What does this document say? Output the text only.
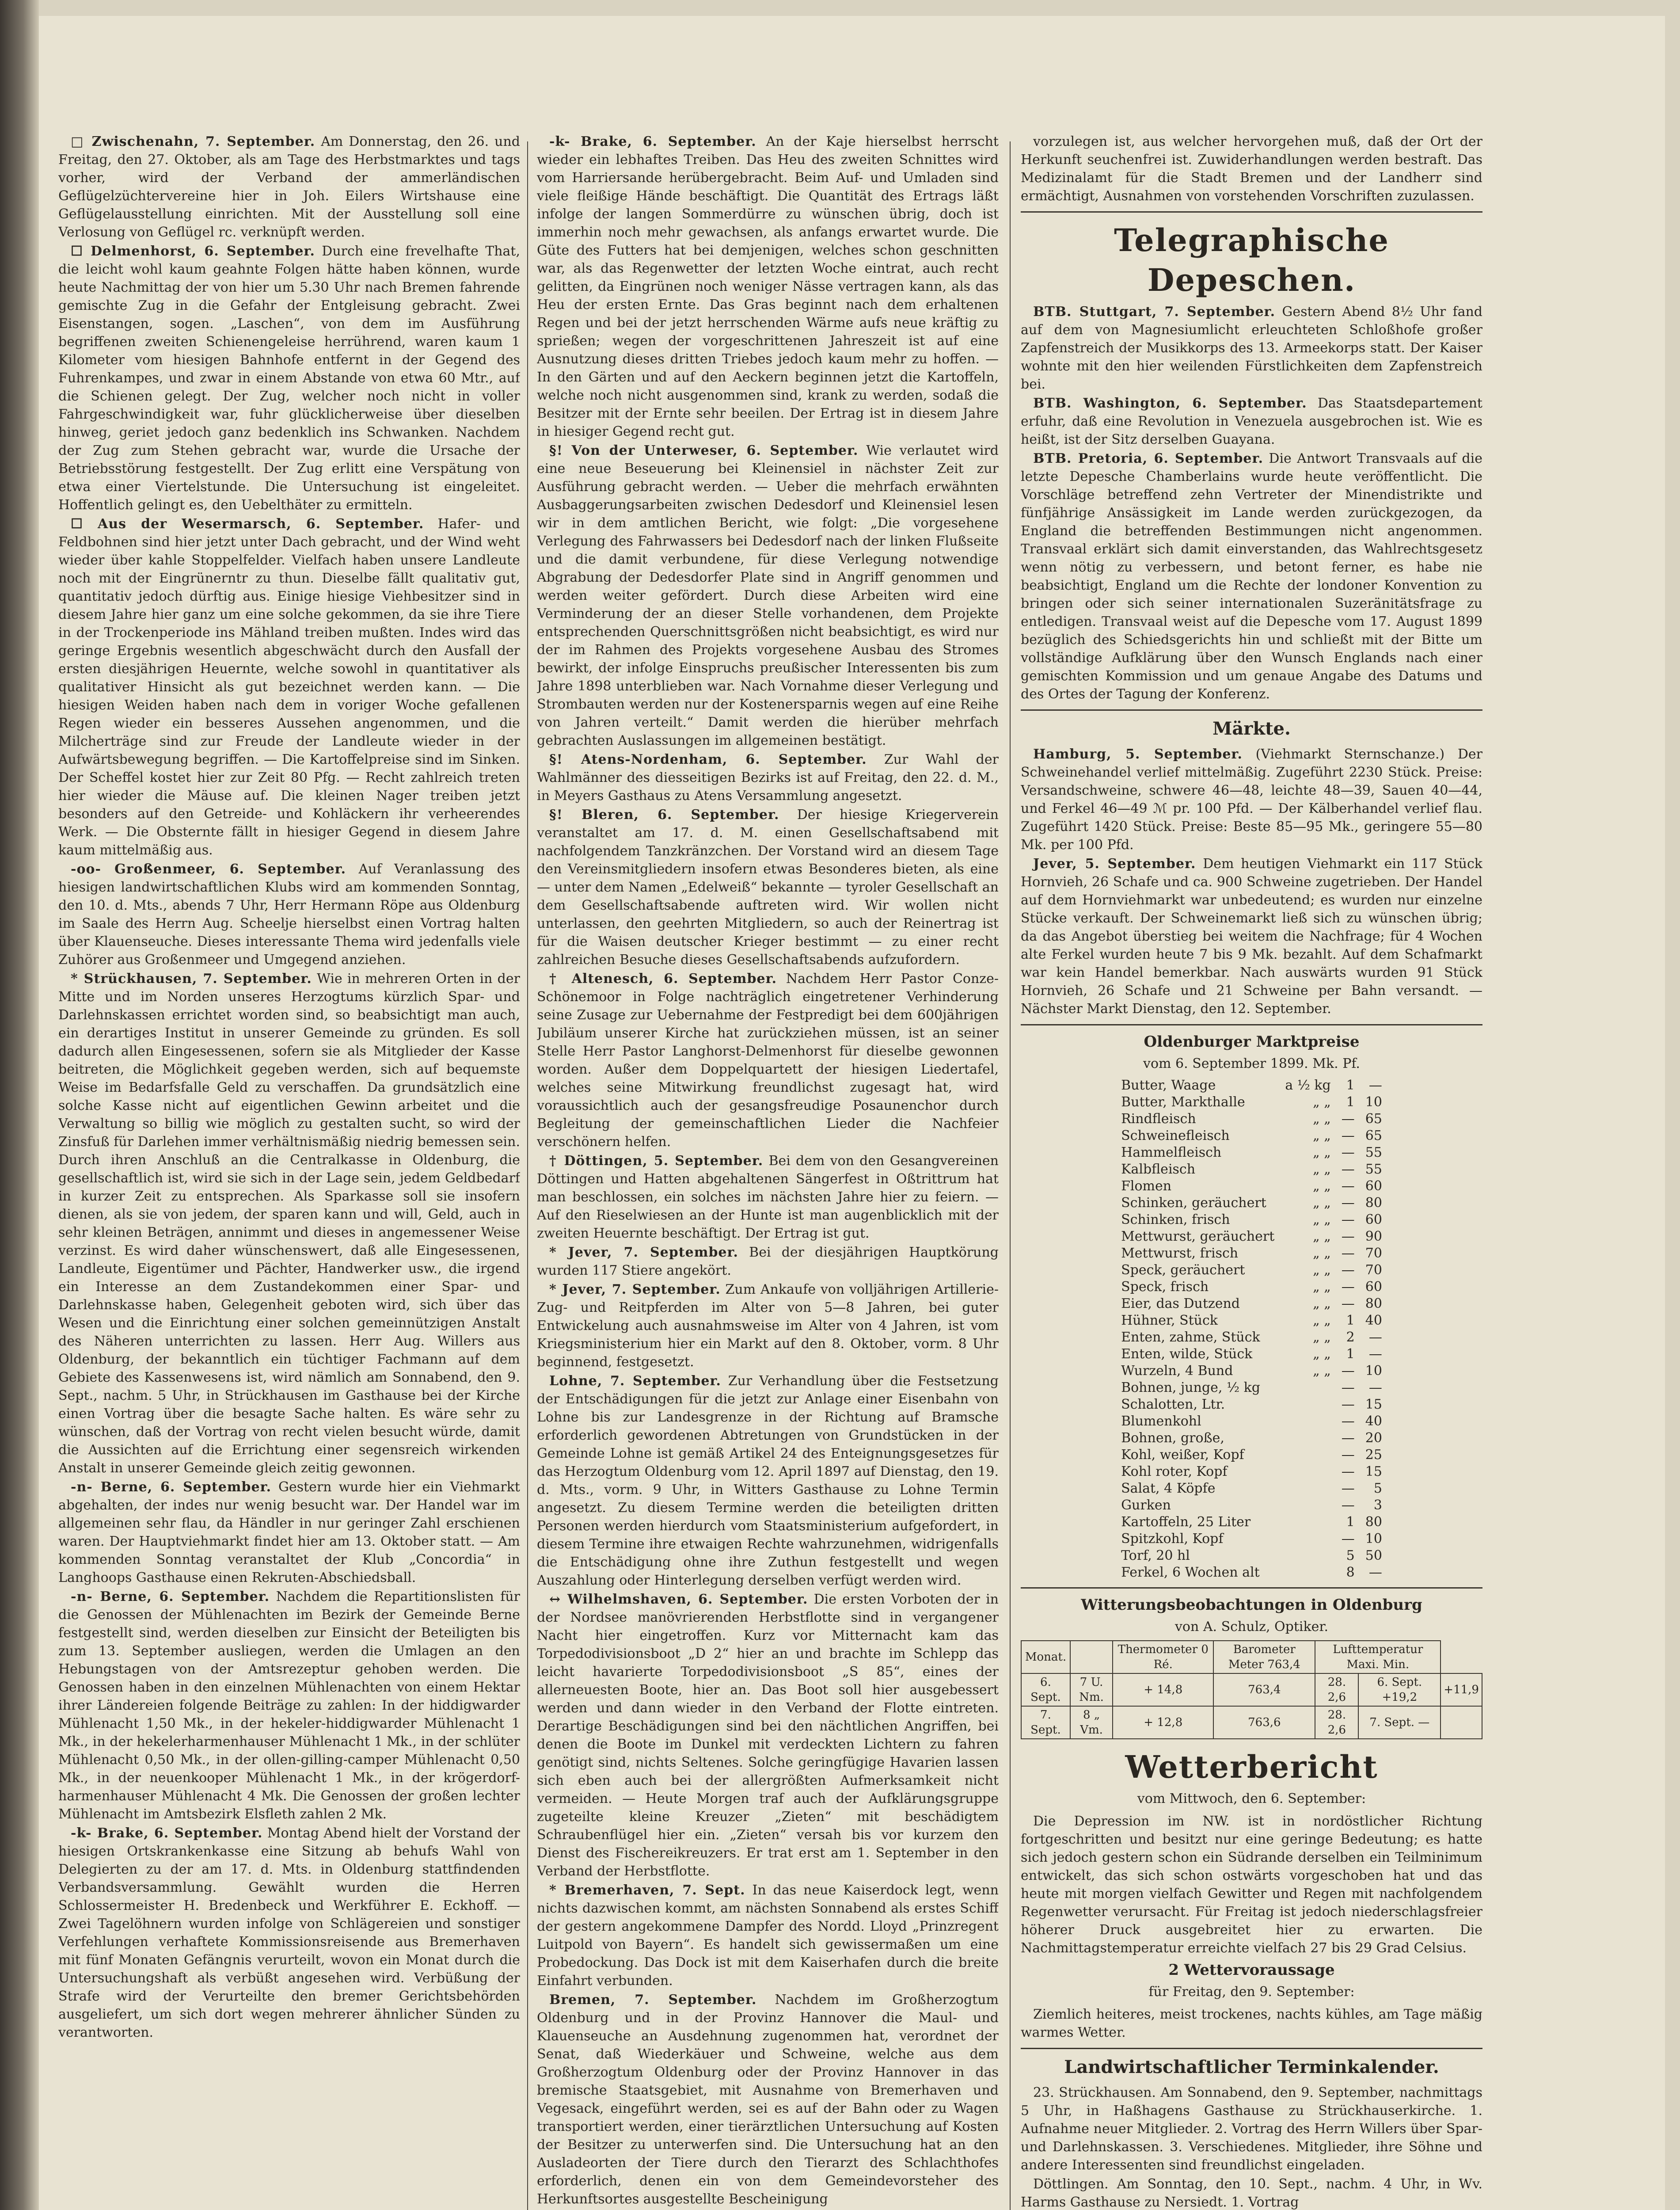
□ Zwischenahn, 7. September. Am Donnerstag, den 26. und Freitag, den 27. Oktober, als am Tage des Herbstmarktes und tags vorher, wird der Verband der ammerländischen Geflügelzüchtervereine hier in Joh. Eilers Wirtshause eine Geflügelausstellung einrichten. Mit der Ausstellung soll eine Verlosung von Geflügel rc. verknüpft werden.

☐ Delmenhorst, 6. September. Durch eine frevelhafte That, die leicht wohl kaum geahnte Folgen hätte haben können, wurde heute Nachmittag der von hier um 5.30 Uhr nach Bremen fahrende gemischte Zug in die Gefahr der Entgleisung gebracht. Zwei Eisenstangen, sogen. „Laschen“, von dem im Ausführung begriffenen zweiten Schienengeleise herrührend, waren kaum 1 Kilometer vom hiesigen Bahnhofe entfernt in der Gegend des Fuhrenkampes, und zwar in einem Abstande von etwa 60 Mtr., auf die Schienen gelegt. Der Zug, welcher noch nicht in voller Fahrgeschwindigkeit war, fuhr glücklicherweise über dieselben hinweg, geriet jedoch ganz bedenklich ins Schwanken. Nachdem der Zug zum Stehen gebracht war, wurde die Ursache der Betriebsstörung festgestellt. Der Zug erlitt eine Verspätung von etwa einer Viertelstunde. Die Untersuchung ist eingeleitet. Hoffentlich gelingt es, den Uebelthäter zu ermitteln.

☐ Aus der Wesermarsch, 6. September. Hafer- und Feldbohnen sind hier jetzt unter Dach gebracht, und der Wind weht wieder über kahle Stoppelfelder. Vielfach haben unsere Landleute noch mit der Eingrünerntr zu thun. Dieselbe fällt qualitativ gut, quantitativ jedoch dürftig aus. Einige hiesige Viehbesitzer sind in diesem Jahre hier ganz um eine solche gekommen, da sie ihre Tiere in der Trockenperiode ins Mähland treiben mußten. Indes wird das geringe Ergebnis wesentlich abgeschwächt durch den Ausfall der ersten diesjährigen Heuernte, welche sowohl in quantitativer als qualitativer Hinsicht als gut bezeichnet werden kann. — Die hiesigen Weiden haben nach dem in voriger Woche gefallenen Regen wieder ein besseres Aussehen angenommen, und die Milcherträge sind zur Freude der Landleute wieder in der Aufwärtsbewegung begriffen. — Die Kartoffelpreise sind im Sinken. Der Scheffel kostet hier zur Zeit 80 Pfg. — Recht zahlreich treten hier wieder die Mäuse auf. Die kleinen Nager treiben jetzt besonders auf den Getreide- und Kohläckern ihr verheerendes Werk. — Die Obsternte fällt in hiesiger Gegend in diesem Jahre kaum mittelmäßig aus.

-oo- Großenmeer, 6. September. Auf Veranlassung des hiesigen landwirtschaftlichen Klubs wird am kommenden Sonntag, den 10. d. Mts., abends 7 Uhr, Herr Hermann Röpe aus Oldenburg im Saale des Herrn Aug. Scheelje hierselbst einen Vortrag halten über Klauenseuche. Dieses interessante Thema wird jedenfalls viele Zuhörer aus Großenmeer und Umgegend anziehen.

* Strückhausen, 7. September. Wie in mehreren Orten in der Mitte und im Norden unseres Herzogtums kürzlich Spar- und Darlehnskassen errichtet worden sind, so beabsichtigt man auch, ein derartiges Institut in unserer Gemeinde zu gründen. Es soll dadurch allen Eingesessenen, sofern sie als Mitglieder der Kasse beitreten, die Möglichkeit gegeben werden, sich auf bequemste Weise im Bedarfsfalle Geld zu verschaffen. Da grundsätzlich eine solche Kasse nicht auf eigentlichen Gewinn arbeitet und die Verwaltung so billig wie möglich zu gestalten sucht, so wird der Zinsfuß für Darlehen immer verhältnismäßig niedrig bemessen sein. Durch ihren Anschluß an die Centralkasse in Oldenburg, die gesellschaftlich ist, wird sie sich in der Lage sein, jedem Geldbedarf in kurzer Zeit zu entsprechen. Als Sparkasse soll sie insofern dienen, als sie von jedem, der sparen kann und will, Geld, auch in sehr kleinen Beträgen, annimmt und dieses in angemessener Weise verzinst. Es wird daher wünschenswert, daß alle Eingesessenen, Landleute, Eigentümer und Pächter, Handwerker usw., die irgend ein Interesse an dem Zustandekommen einer Spar- und Darlehnskasse haben, Gelegenheit geboten wird, sich über das Wesen und die Einrichtung einer solchen gemeinnützigen Anstalt des Näheren unterrichten zu lassen. Herr Aug. Willers aus Oldenburg, der bekanntlich ein tüchtiger Fachmann auf dem Gebiete des Kassenwesens ist, wird nämlich am Sonnabend, den 9. Sept., nachm. 5 Uhr, in Strückhausen im Gasthause bei der Kirche einen Vortrag über die besagte Sache halten. Es wäre sehr zu wünschen, daß der Vortrag von recht vielen besucht würde, damit die Aussichten auf die Errichtung einer segensreich wirkenden Anstalt in unserer Gemeinde gleich zeitig gewonnen.

-n- Berne, 6. September. Gestern wurde hier ein Viehmarkt abgehalten, der indes nur wenig besucht war. Der Handel war im allgemeinen sehr flau, da Händler in nur geringer Zahl erschienen waren. Der Hauptviehmarkt findet hier am 13. Oktober statt. — Am kommenden Sonntag veranstaltet der Klub „Concordia“ in Langhoops Gasthause einen Rekruten-Abschiedsball.

-n- Berne, 6. September. Nachdem die Repartitionslisten für die Genossen der Mühlenachten im Bezirk der Gemeinde Berne festgestellt sind, werden dieselben zur Einsicht der Beteiligten bis zum 13. September ausliegen, werden die Umlagen an den Hebungstagen von der Amtsrezeptur gehoben werden. Die Genossen haben in den einzelnen Mühlenachten von einem Hektar ihrer Ländereien folgende Beiträge zu zahlen: In der hiddigwarder Mühlenacht 1,50 Mk., in der hekeler-hiddigwarder Mühlenacht 1 Mk., in der hekelerharmenhauser Mühlenacht 1 Mk., in der schlüter Mühlenacht 0,50 Mk., in der ollen-gilling-camper Mühlenacht 0,50 Mk., in der neuenkooper Mühlenacht 1 Mk., in der krögerdorf-harmenhauser Mühlenacht 4 Mk. Die Genossen der großen lechter Mühlenacht im Amtsbezirk Elsfleth zahlen 2 Mk.

-k- Brake, 6. September. Montag Abend hielt der Vorstand der hiesigen Ortskrankenkasse eine Sitzung ab behufs Wahl von Delegierten zu der am 17. d. Mts. in Oldenburg stattfindenden Verbandsversammlung. Gewählt wurden die Herren Schlossermeister H. Bredenbeck und Werkführer E. Eckhoff. — Zwei Tagelöhnern wurden infolge von Schlägereien und sonstiger Verfehlungen verhaftete Kommissionsreisende aus Bremerhaven mit fünf Monaten Gefängnis verurteilt, wovon ein Monat durch die Untersuchungshaft als verbüßt angesehen wird. Verbüßung der Strafe wird der Verurteilte den bremer Gerichtsbehörden ausgeliefert, um sich dort wegen mehrerer ähnlicher Sünden zu verantworten.

-k- Brake, 6. September. An der Kaje hierselbst herrscht wieder ein lebhaftes Treiben. Das Heu des zweiten Schnittes wird vom Harriersande herübergebracht. Beim Auf- und Umladen sind viele fleißige Hände beschäftigt. Die Quantität des Ertrags läßt infolge der langen Sommerdürre zu wünschen übrig, doch ist immerhin noch mehr gewachsen, als anfangs erwartet wurde. Die Güte des Futters hat bei demjenigen, welches schon geschnitten war, als das Regenwetter der letzten Woche eintrat, auch recht gelitten, da Eingrünen noch weniger Nässe vertragen kann, als das Heu der ersten Ernte. Das Gras beginnt nach dem erhaltenen Regen und bei der jetzt herrschenden Wärme aufs neue kräftig zu sprießen; wegen der vorgeschrittenen Jahreszeit ist auf eine Ausnutzung dieses dritten Triebes jedoch kaum mehr zu hoffen. — In den Gärten und auf den Aeckern beginnen jetzt die Kartoffeln, welche noch nicht ausgenommen sind, krank zu werden, sodaß die Besitzer mit der Ernte sehr beeilen. Der Ertrag ist in diesem Jahre in hiesiger Gegend recht gut.

§! Von der Unterweser, 6. September. Wie verlautet wird eine neue Beseuerung bei Kleinensiel in nächster Zeit zur Ausführung gebracht werden. — Ueber die mehrfach erwähnten Ausbaggerungsarbeiten zwischen Dedesdorf und Kleinensiel lesen wir in dem amtlichen Bericht, wie folgt: „Die vorgesehene Verlegung des Fahrwassers bei Dedesdorf nach der linken Flußseite und die damit verbundene, für diese Verlegung notwendige Abgrabung der Dedesdorfer Plate sind in Angriff genommen und werden weiter gefördert. Durch diese Arbeiten wird eine Verminderung der an dieser Stelle vorhandenen, dem Projekte entsprechenden Querschnittsgrößen nicht beabsichtigt, es wird nur der im Rahmen des Projekts vorgesehene Ausbau des Stromes bewirkt, der infolge Einspruchs preußischer Interessenten bis zum Jahre 1898 unterblieben war. Nach Vornahme dieser Verlegung und Strombauten werden nur der Kostenersparnis wegen auf eine Reihe von Jahren verteilt.“ Damit werden die hierüber mehrfach gebrachten Auslassungen im allgemeinen bestätigt.

§! Atens-Nordenham, 6. September. Zur Wahl der Wahlmänner des diesseitigen Bezirks ist auf Freitag, den 22. d. M., in Meyers Gasthaus zu Atens Versammlung angesetzt.

§! Bleren, 6. September. Der hiesige Kriegerverein veranstaltet am 17. d. M. einen Gesellschaftsabend mit nachfolgendem Tanzkränzchen. Der Vorstand wird an diesem Tage den Vereinsmitgliedern insofern etwas Besonderes bieten, als eine — unter dem Namen „Edelweiß“ bekannte — tyroler Gesellschaft an dem Gesellschaftsabende auftreten wird. Wir wollen nicht unterlassen, den geehrten Mitgliedern, so auch der Reinertrag ist für die Waisen deutscher Krieger bestimmt — zu einer recht zahlreichen Besuche dieses Gesellschaftsabends aufzufordern.

† Altenesch, 6. September. Nachdem Herr Pastor Conze-Schönemoor in Folge nachträglich eingetretener Verhinderung seine Zusage zur Uebernahme der Festpredigt bei dem 600jährigen Jubiläum unserer Kirche hat zurückziehen müssen, ist an seiner Stelle Herr Pastor Langhorst-Delmenhorst für dieselbe gewonnen worden. Außer dem Doppelquartett der hiesigen Liedertafel, welches seine Mitwirkung freundlichst zugesagt hat, wird voraussichtlich auch der gesangsfreudige Posaunenchor durch Begleitung der gemeinschaftlichen Lieder die Nachfeier verschönern helfen.

† Döttingen, 5. September. Bei dem von den Gesangvereinen Döttingen und Hatten abgehaltenen Sängerfest in Oßtrittrum hat man beschlossen, ein solches im nächsten Jahre hier zu feiern. — Auf den Rieselwiesen an der Hunte ist man augenblicklich mit der zweiten Heuernte beschäftigt. Der Ertrag ist gut.

* Jever, 7. September. Bei der diesjährigen Hauptkörung wurden 117 Stiere angekört.

* Jever, 7. September. Zum Ankaufe von volljährigen Artillerie-Zug- und Reitpferden im Alter von 5—8 Jahren, bei guter Entwickelung auch ausnahmsweise im Alter von 4 Jahren, ist vom Kriegsministerium hier ein Markt auf den 8. Oktober, vorm. 8 Uhr beginnend, festgesetzt.

Lohne, 7. September. Zur Verhandlung über die Festsetzung der Entschädigungen für die jetzt zur Anlage einer Eisenbahn von Lohne bis zur Landesgrenze in der Richtung auf Bramsche erforderlich gewordenen Abtretungen von Grundstücken in der Gemeinde Lohne ist gemäß Artikel 24 des Enteignungsgesetzes für das Herzogtum Oldenburg vom 12. April 1897 auf Dienstag, den 19. d. Mts., vorm. 9 Uhr, in Witters Gasthause zu Lohne Termin angesetzt. Zu diesem Termine werden die beteiligten dritten Personen werden hierdurch vom Staatsministerium aufgefordert, in diesem Termine ihre etwaigen Rechte wahrzunehmen, widrigenfalls die Entschädigung ohne ihre Zuthun festgestellt und wegen Auszahlung oder Hinterlegung derselben verfügt werden wird.

↔ Wilhelmshaven, 6. September. Die ersten Vorboten der in der Nordsee manövrierenden Herbstflotte sind in vergangener Nacht hier eingetroffen. Kurz vor Mitternacht kam das Torpedodivisionsboot „D 2“ hier an und brachte im Schlepp das leicht havarierte Torpedodivisionsboot „S 85“, eines der allerneuesten Boote, hier an. Das Boot soll hier ausgebessert werden und dann wieder in den Verband der Flotte eintreten. Derartige Beschädigungen sind bei den nächtlichen Angriffen, bei denen die Boote im Dunkel mit verdeckten Lichtern zu fahren genötigt sind, nichts Seltenes. Solche geringfügige Havarien lassen sich eben auch bei der allergrößten Aufmerksamkeit nicht vermeiden. — Heute Morgen traf auch der Aufklärungsgruppe zugeteilte kleine Kreuzer „Zieten“ mit beschädigtem Schraubenflügel hier ein. „Zieten“ versah bis vor kurzem den Dienst des Fischereikreuzers. Er trat erst am 1. September in den Verband der Herbstflotte.

* Bremerhaven, 7. Sept. In das neue Kaiserdock legt, wenn nichts dazwischen kommt, am nächsten Sonnabend als erstes Schiff der gestern angekommene Dampfer des Nordd. Lloyd „Prinzregent Luitpold von Bayern“. Es handelt sich gewissermaßen um eine Probedockung. Das Dock ist mit dem Kaiserhafen durch die breite Einfahrt verbunden.

Bremen, 7. September. Nachdem im Großherzogtum Oldenburg und in der Provinz Hannover die Maul- und Klauenseuche an Ausdehnung zugenommen hat, verordnet der Senat, daß Wiederkäuer und Schweine, welche aus dem Großherzogtum Oldenburg oder der Provinz Hannover in das bremische Staatsgebiet, mit Ausnahme von Bremerhaven und Vegesack, eingeführt werden, sei es auf der Bahn oder zu Wagen transportiert werden, einer tierärztlichen Untersuchung auf Kosten der Besitzer zu unterwerfen sind. Die Untersuchung hat an den Ausladeorten der Tiere durch den Tierarzt des Schlachthofes erforderlich, denen ein von dem Gemeindevorsteher des Herkunftsortes ausgestellte Bescheinigung

vorzulegen ist, aus welcher hervorgehen muß, daß der Ort der Herkunft seuchenfrei ist. Zuwiderhandlungen werden bestraft. Das Medizinalamt für die Stadt Bremen und der Landherr sind ermächtigt, Ausnahmen von vorstehenden Vorschriften zuzulassen.

Telegraphische Depeschen.

BTB. Stuttgart, 7. September. Gestern Abend 8½ Uhr fand auf dem von Magnesiumlicht erleuchteten Schloßhofe großer Zapfenstreich der Musikkorps des 13. Armeekorps statt. Der Kaiser wohnte mit den hier weilenden Fürstlichkeiten dem Zapfenstreich bei.

BTB. Washington, 6. September. Das Staatsdepartement erfuhr, daß eine Revolution in Venezuela ausgebrochen ist. Wie es heißt, ist der Sitz derselben Guayana.

BTB. Pretoria, 6. September. Die Antwort Transvaals auf die letzte Depesche Chamberlains wurde heute veröffentlicht. Die Vorschläge betreffend zehn Vertreter der Minendistrikte und fünfjährige Ansässigkeit im Lande werden zurückgezogen, da England die betreffenden Bestimmungen nicht angenommen. Transvaal erklärt sich damit einverstanden, das Wahlrechtsgesetz wenn nötig zu verbessern, und betont ferner, es habe nie beabsichtigt, England um die Rechte der londoner Konvention zu bringen oder sich seiner internationalen Suzeränitätsfrage zu entledigen. Transvaal weist auf die Depesche vom 17. August 1899 bezüglich des Schiedsgerichts hin und schließt mit der Bitte um vollständige Aufklärung über den Wunsch Englands nach einer gemischten Kommission und um genaue Angabe des Datums und des Ortes der Tagung der Konferenz.

Märkte.

Hamburg, 5. September. (Viehmarkt Sternschanze.) Der Schweinehandel verlief mittelmäßig. Zugeführt 2230 Stück. Preise: Versandschweine, schwere 46—48, leichte 48—39, Sauen 40—44, und Ferkel 46—49 ℳ pr. 100 Pfd. — Der Kälberhandel verlief flau. Zugeführt 1420 Stück. Preise: Beste 85—95 Mk., geringere 55—80 Mk. per 100 Pfd.

Jever, 5. September. Dem heutigen Viehmarkt ein 117 Stück Hornvieh, 26 Schafe und ca. 900 Schweine zugetrieben. Der Handel auf dem Hornviehmarkt war unbedeutend; es wurden nur einzelne Stücke verkauft. Der Schweinemarkt ließ sich zu wünschen übrig; da das Angebot überstieg bei weitem die Nachfrage; für 4 Wochen alte Ferkel wurden heute 7 bis 9 Mk. bezahlt. Auf dem Schafmarkt war kein Handel bemerkbar. Nach auswärts wurden 91 Stück Hornvieh, 26 Schafe und 21 Schweine per Bahn versandt. — Nächster Markt Dienstag, den 12. September.

Oldenburger Marktpreise
vom 6. September 1899. Mk. Pf.
Butter, Waage	a ½ kg	1	—
Butter, Markthalle	„ „	1	10
Rindfleisch	„ „	—	65
Schweinefleisch	„ „	—	65
Hammelfleisch	„ „	—	55
Kalbfleisch	„ „	—	55
Flomen	„ „	—	60
Schinken, geräuchert	„ „	—	80
Schinken, frisch	„ „	—	60
Mettwurst, geräuchert	„ „	—	90
Mettwurst, frisch	„ „	—	70
Speck, geräuchert	„ „	—	70
Speck, frisch	„ „	—	60
Eier, das Dutzend	„ „	—	80
Hühner, Stück	„ „	1	40
Enten, zahme, Stück	„ „	2	—
Enten, wilde, Stück	„ „	1	—
Wurzeln, 4 Bund	„ „	—	10
Bohnen, junge, ½ kg		—	—
Schalotten, Ltr.		—	15
Blumenkohl		—	40
Bohnen, große,		—	20
Kohl, weißer, Kopf		—	25
Kohl roter, Kopf		—	15
Salat, 4 Köpfe		—	5
Gurken		—	3
Kartoffeln, 25 Liter		1	80
Spitzkohl, Kopf		—	10
Torf, 20 hl		5	50
Ferkel, 6 Wochen alt		8	—
Witterungsbeobachtungen in Oldenburg
von A. Schulz, Optiker.
Monat.		Thermometer 0 Ré.	Barometer Meter 763,4	Lufttemperatur Maxi. Min.		
6. Sept.	7 U. Nm.	+ 14,8	763,4	28. 2,6	6. Sept. +19,2	+11,9
7. Sept.	8 „ Vm.	+ 12,8	763,6	28. 2,6	7. Sept. —	
Wetterbericht
vom Mittwoch, den 6. September:

Die Depression im NW. ist in nordöstlicher Richtung fortgeschritten und besitzt nur eine geringe Bedeutung; es hatte sich jedoch gestern schon ein Südrande derselben ein Teilminimum entwickelt, das sich schon ostwärts vorgeschoben hat und das heute mit morgen vielfach Gewitter und Regen mit nachfolgendem Regenwetter verursacht. Für Freitag ist jedoch niederschlagsfreier höherer Druck ausgebreitet hier zu erwarten. Die Nachmittagstemperatur erreichte vielfach 27 bis 29 Grad Celsius.

2 Wettervoraussage
für Freitag, den 9. September:

Ziemlich heiteres, meist trockenes, nachts kühles, am Tage mäßig warmes Wetter.

Landwirtschaftlicher Terminkalender.

23. Strückhausen. Am Sonnabend, den 9. September, nachmittags 5 Uhr, in Haßhagens Gasthause zu Strückhauserkirche. 1. Aufnahme neuer Mitglieder. 2. Vortrag des Herrn Willers über Spar- und Darlehnskassen. 3. Verschiedenes. Mitglieder, ihre Söhne und andere Interessenten sind freundlichst eingeladen.

Döttlingen. Am Sonntag, den 10. Sept., nachm. 4 Uhr, in Wv. Harms Gasthause zu Nersiedt. 1. Vortrag
